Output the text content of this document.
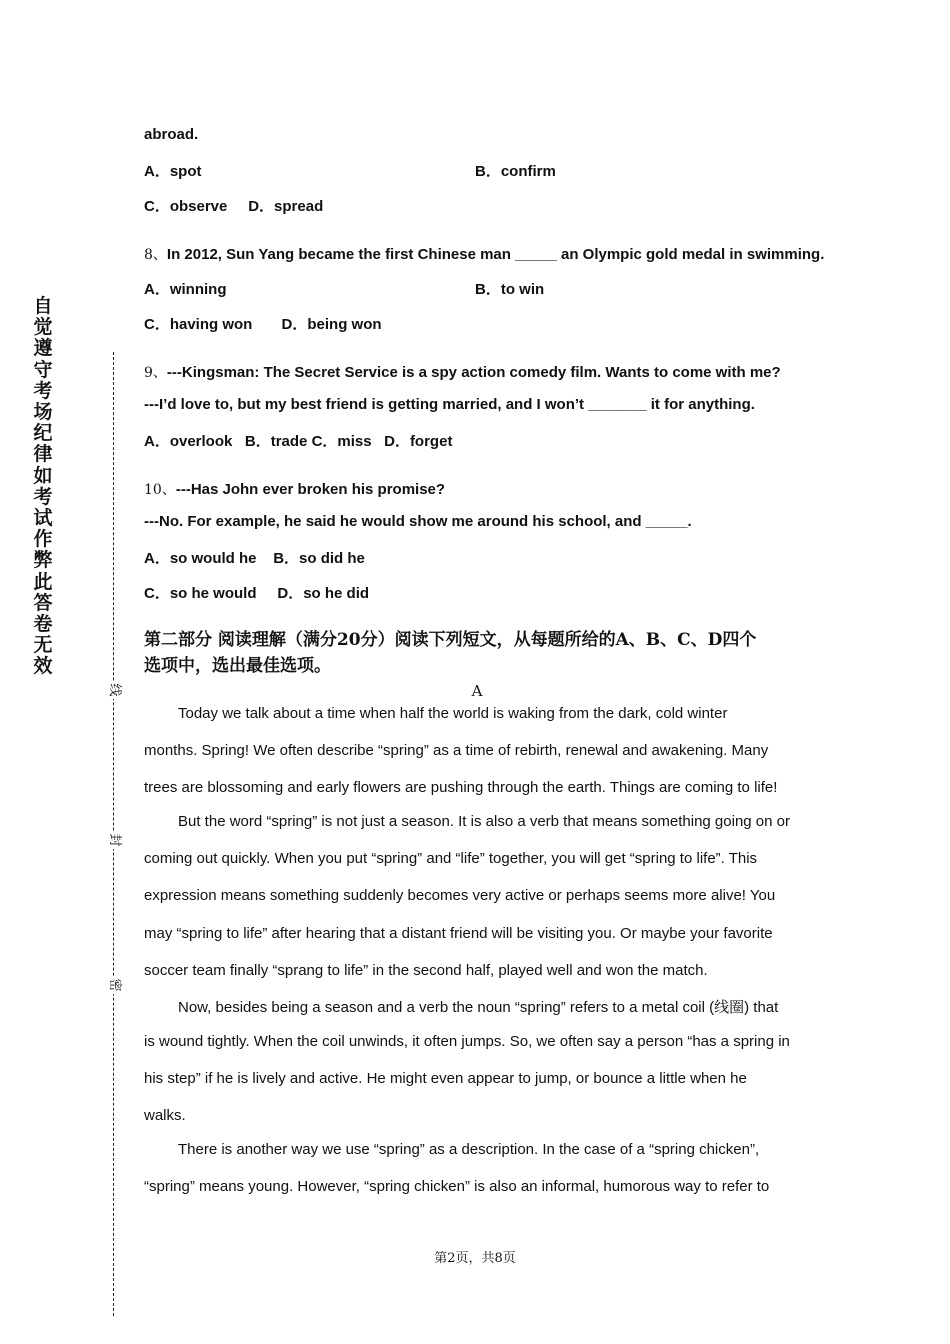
自觉遵守考场纪律如考试作弊此答卷无效
线
封
密
abroad.
A．spot	B．confirm
C．observe D．spread
8、In 2012, Sun Yang became the first Chinese man _____ an Olympic gold medal in swimming.
A．winning	B．to win
C．having won D．being won
9、---Kingsman: The Secret Service is a spy action comedy film. Wants to come with me?
---I’d love to, but my best friend is getting married, and I won’t _______ it for anything.
A．overlook B．trade C．miss D．forget
10、---Has John ever broken his promise?
---No. For example, he said he would show me around his school, and _____.
A．so would he B．so did he
C．so he would D．so he did
第二部分 阅读理解（满分20分）阅读下列短文，从每题所给的A、B、C、D四个
选项中，选出最佳选项。
A
Today we talk about a time when half the world is waking from the dark, cold winter
months. Spring! We often describe “spring” as a time of rebirth, renewal and awakening. Many
trees are blossoming and early flowers are pushing through the earth. Things are coming to life!
But the word “spring” is not just a season. It is also a verb that means something going on or
coming out quickly. When you put “spring” and “life” together, you will get “spring to life”. This
expression means something suddenly becomes very active or perhaps seems more alive! You
may “spring to life” after hearing that a distant friend will be visiting you. Or maybe your favorite
soccer team finally “sprang to life” in the second half, played well and won the match.
Now, besides being a season and a verb the noun “spring” refers to a metal coil (线圈) that
is wound tightly. When the coil unwinds, it often jumps. So, we often say a person “has a spring in
his step” if he is lively and active. He might even appear to jump, or bounce a little when he
walks.
There is another way we use “spring” as a description. In the case of a “spring chicken”,
“spring” means young. However, “spring chicken” is also an informal, humorous way to refer to
第2页，共8页
